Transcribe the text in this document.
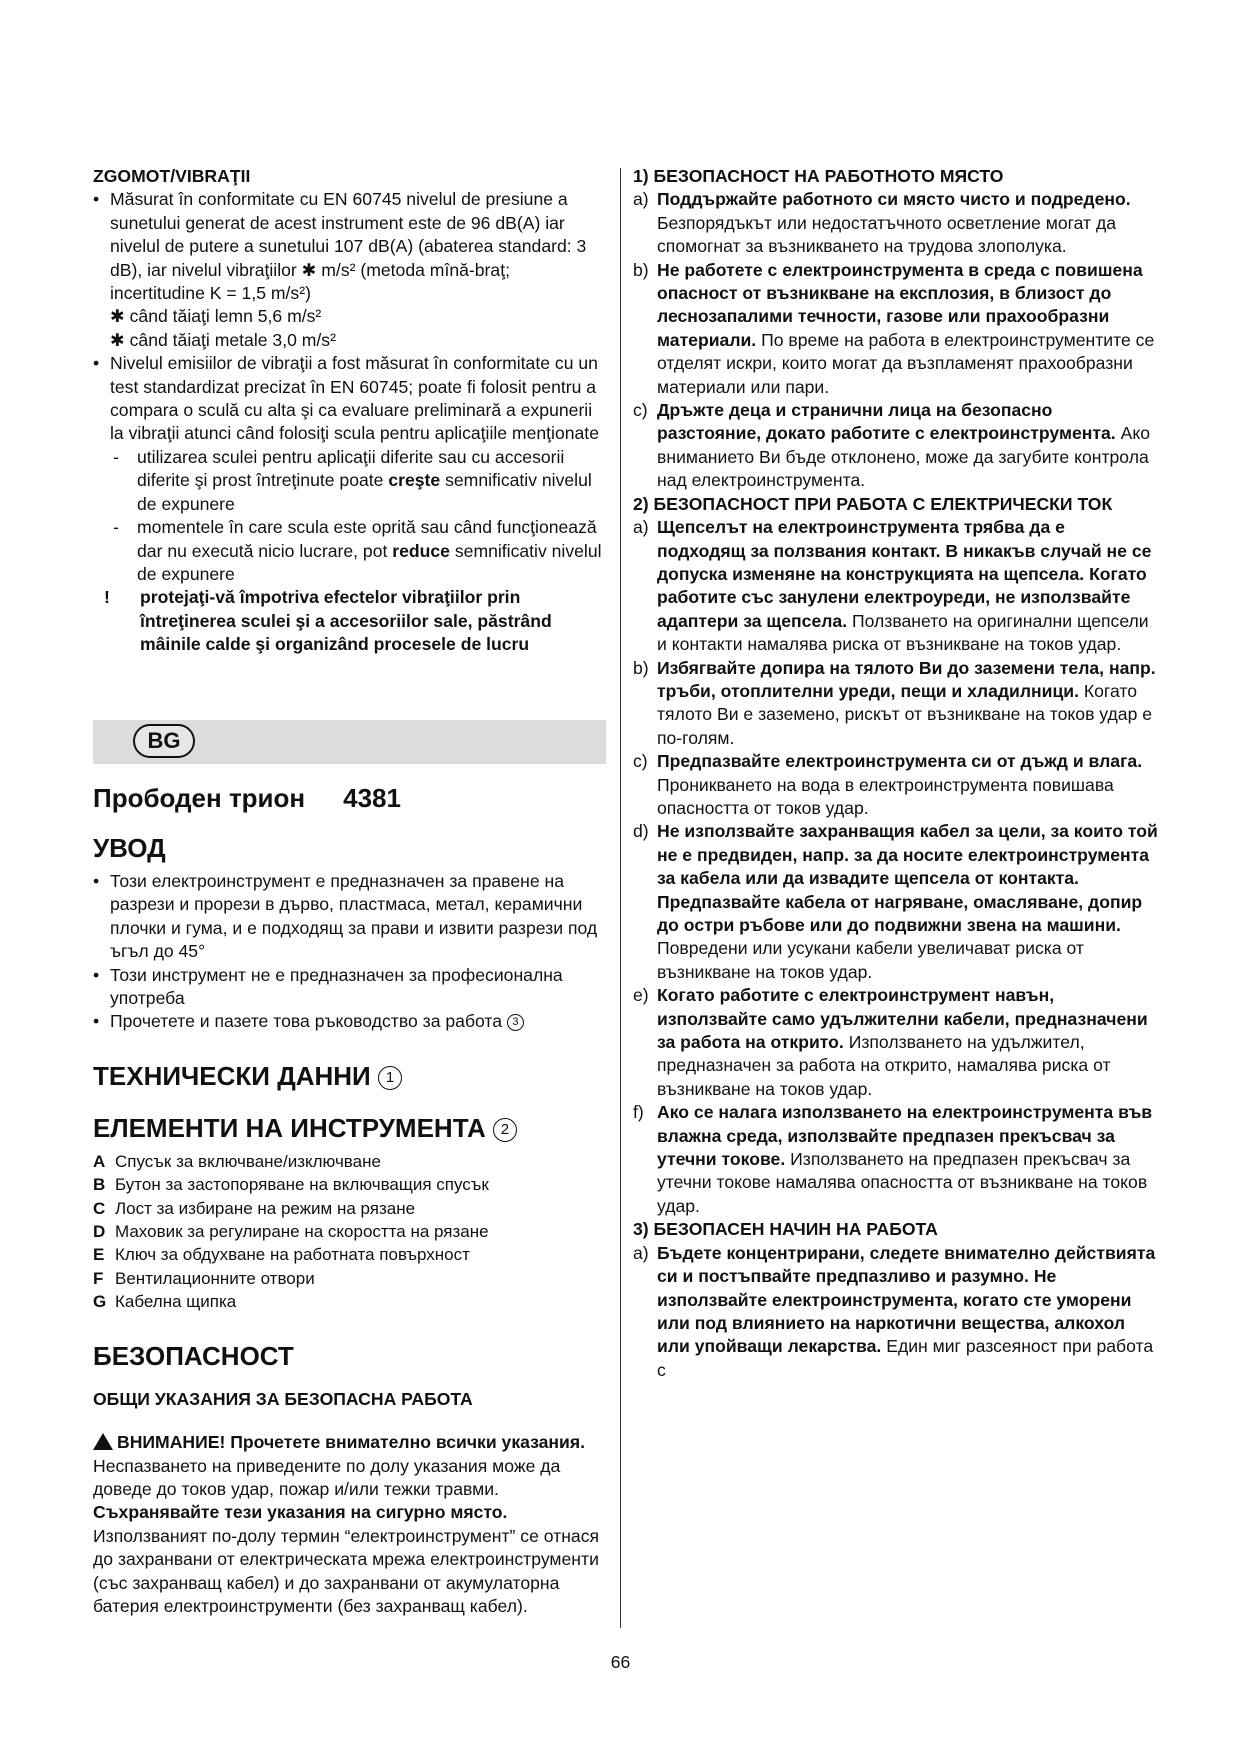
ZGOMOT/VIBRAŢII
• Măsurat în conformitate cu EN 60745 nivelul de presiune a sunetului generat de acest instrument este de 96 dB(A) iar nivelul de putere a sunetului 107 dB(A) (abaterea standard: 3 dB), iar nivelul vibraţiilor ✱ m/s² (metoda mînă-braţ; incertitudine K = 1,5 m/s²)
✱ când tăiaţi lemn 5,6 m/s²
✱ când tăiaţi metale 3,0 m/s²
• Nivelul emisiilor de vibraţii a fost măsurat în conformitate cu un test standardizat precizat în EN 60745; poate fi folosit pentru a compara o sculă cu alta şi ca evaluare preliminară a expunerii la vibraţii atunci când folosiţi scula pentru aplicaţiile menţionate
- utilizarea sculei pentru aplicaţii diferite sau cu accesorii diferite şi prost întreţinute poate creşte semnificativ nivelul de expunere
- momentele în care scula este oprită sau când funcţionează dar nu execută nicio lucrare, pot reduce semnificativ nivelul de expunere
! protejaţi-vă împotriva efectelor vibraţiilor prin întreţinerea sculei şi a accesoriilor sale, păstrând mâinile calde şi organizând procesele de lucru
BG
Прободен трион 4381
УВОД
• Този електроинструмент е предназначен за правене на разрези и прорези в дърво, пластмаса, метал, керамични плочки и гума, и е подходящ за прави и извити разрези под ъгъл до 45°
• Този инструмент не е предназначен за професионална употреба
• Прочетете и пазете това ръководство за работа 3
ТЕХНИЧЕСКИ ДАННИ 1
ЕЛЕМЕНТИ НА ИНСТРУМЕНТА 2
A Спусък за включване/изключване
B Бутон за застопоряване на включващия спусък
C Лост за избиране на режим на рязане
D Маховик за регулиране на скоростта на рязане
E Ключ за обдухване на работната повърхност
F Вентилационните отвори
G Кабелна щипка
БЕЗОПАСНОСТ
ОБЩИ УКАЗАНИЯ ЗА БЕЗОПАСНА РАБОТА
ВНИМАНИЕ! Прочетете внимателно всички указания. Неспазването на приведените по долу указания може да доведе до токов удар, пожар и/или тежки травми. Съхранявайте тези указания на сигурно място. Използваният по-долу термин “електроинструмент” се отнася до захранвани от електрическата мрежа електроинструменти (със захранващ кабел) и до захранвани от акумулаторна батерия електроинструменти (без захранващ кабел).
1) БЕЗОПАСНОСТ НА РАБОТНОТО МЯСТО
a) Поддържайте работното си място чисто и подредено. Безпорядъкът или недостатъчното осветление могат да спомогнат за възникването на трудова злополука.
b) Не работете с електроинструмента в среда с повишена опасност от възникване на експлозия, в близост до леснозапалими течности, газове или прахообразни материали. По време на работа в електроинструментите се отделят искри, които могат да възпламенят прахообразни материали или пари.
c) Дръжте деца и странични лица на безопасно разстояние, докато работите с електроинструмента. Ако вниманието Ви бъде отклонено, може да загубите контрола над електроинструмента.
2) БЕЗОПАСНОСТ ПРИ РАБОТА С ЕЛЕКТРИЧЕСКИ ТОК
a) Щепселът на електроинструмента трябва да е подходящ за ползвания контакт. В никакъв случай не се допуска изменяне на конструкцията на щепсела. Когато работите със занулени електроуреди, не използвайте адаптери за щепсела. Ползването на оригинални щепсели и контакти намалява риска от възникване на токов удар.
b) Избягвайте допира на тялото Ви до заземени тела, напр. тръби, отоплителни уреди, пещи и хладилници. Когато тялото Ви е заземено, рискът от възникване на токов удар е по-голям.
c) Предпазвайте електроинструмента си от дъжд и влага. Проникването на вода в електроинструмента повишава опасността от токов удар.
d) Не използвайте захранващия кабел за цели, за които той не е предвиден, напр. за да носите електроинструмента за кабела или да извадите щепсела от контакта. Предпазвайте кабела от нагряване, омасляване, допир до остри ръбове или до подвижни звена на машини. Повредени или усукани кабели увеличават риска от възникване на токов удар.
e) Когато работите с електроинструмент навън, използвайте само удължителни кабели, предназначени за работа на открито. Използването на удължител, предназначен за работа на открито, намалява риска от възникване на токов удар.
f) Ако се налага използването на електроинструмента във влажна среда, използвайте предпазен прекъсвач за утечни токове. Използването на предпазен прекъсвач за утечни токове намалява опасността от възникване на токов удар.
3) БЕЗОПАСЕН НАЧИН НА РАБОТА
a) Бъдете концентрирани, следете внимателно действията си и постъпвайте предпазливо и разумно. Не използвайте електроинструмента, когато сте уморени или под влиянието на наркотични вещества, алкохол или упойващи лекарства. Един миг разсеяност при работа с
66
